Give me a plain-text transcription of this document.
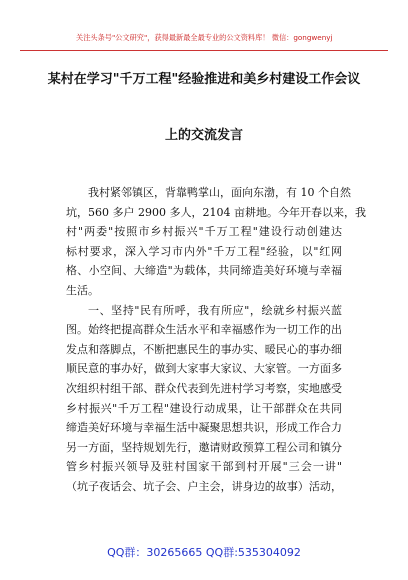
关注头条号"公文研究"，获得最新最全最专业的公文资料库！ 微信：gongwenyj
某村在学习"千万工程"经验推进和美乡村建设工作会议
上的交流发言
我村紧邻镇区，背靠鸭掌山，面向东渤，有 10 个自然
坑，560 多户 2900 多人，2104 亩耕地。今年开春以来，我
村"两委"按照市乡村振兴"千万工程"建设行动创建达
标村要求，深入学习市内外"千万工程"经验，以"红网
格、小空间、大缔造"为载体，共同缔造美好环境与幸福
生活。
一、坚持"民有所呼，我有所应"，绘就乡村振兴蓝
图。始终把提高群众生活水平和幸福感作为一切工作的出
发点和落脚点，不断把惠民生的事办实、暖民心的事办细
顺民意的事办好，做到大家事大家议、大家管。一方面多
次组织村组干部、群众代表到先进村学习考察，实地感受
乡村振兴"千万工程"建设行动成果，让干部群众在共同
缔造美好环境与幸福生活中凝聚思想共识，形成工作合力
另一方面，坚持规划先行，邀请财政预算工程公司和镇分
管乡村振兴领导及驻村国家干部到村开展"三会一讲"
（坑子夜话会、坑子会、户主会，讲身边的故事）活动，
QQ群：30265665 QQ群:535304092
